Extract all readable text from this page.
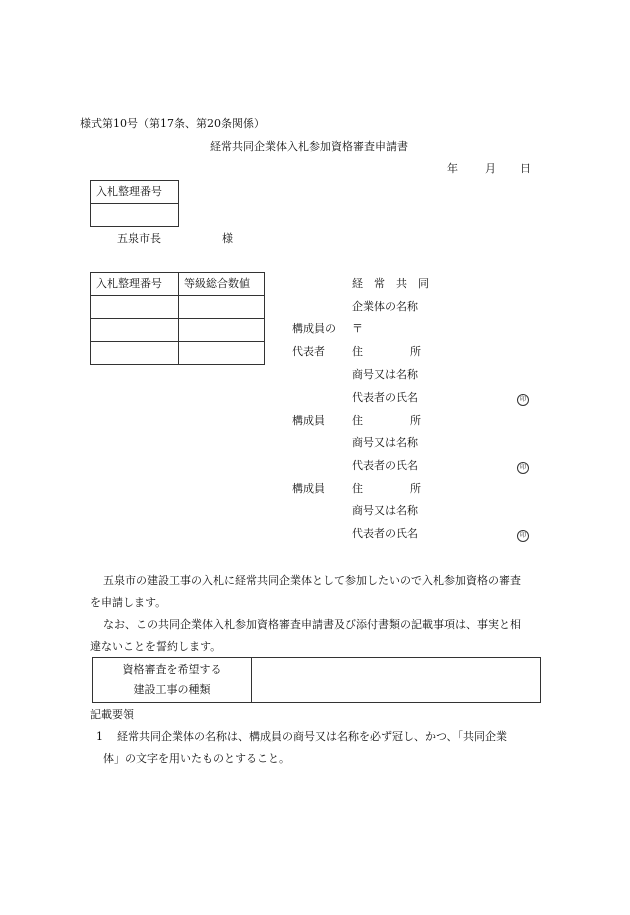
様式第10号（第17条、第20条関係）
経常共同企業体入札参加資格審査申請書
年 月 日
入札整理番号

五泉市長	様
入札整理番号	等級総合数値

		経　常　共　同
企業体の名称
構成員の 〒
代表者 住	所
商号又は名称
代表者の氏名	印
構成員 住	所
商号又は名称
代表者の氏名	印
構成員 住	所
商号又は名称
代表者の氏名	印
五泉市の建設工事の入札に経常共同企業体として参加したいので入札参加資格の審査
を申請します。
なお、この共同企業体入札参加資格審査申請書及び添付書類の記載事項は、事実と相
違ないことを誓約します。
資格審査を希望する
建設工事の種類

記載要領
1 経常共同企業体の名称は、構成員の商号又は名称を必ず冠し、かつ、「共同企業
体」の文字を用いたものとすること。
